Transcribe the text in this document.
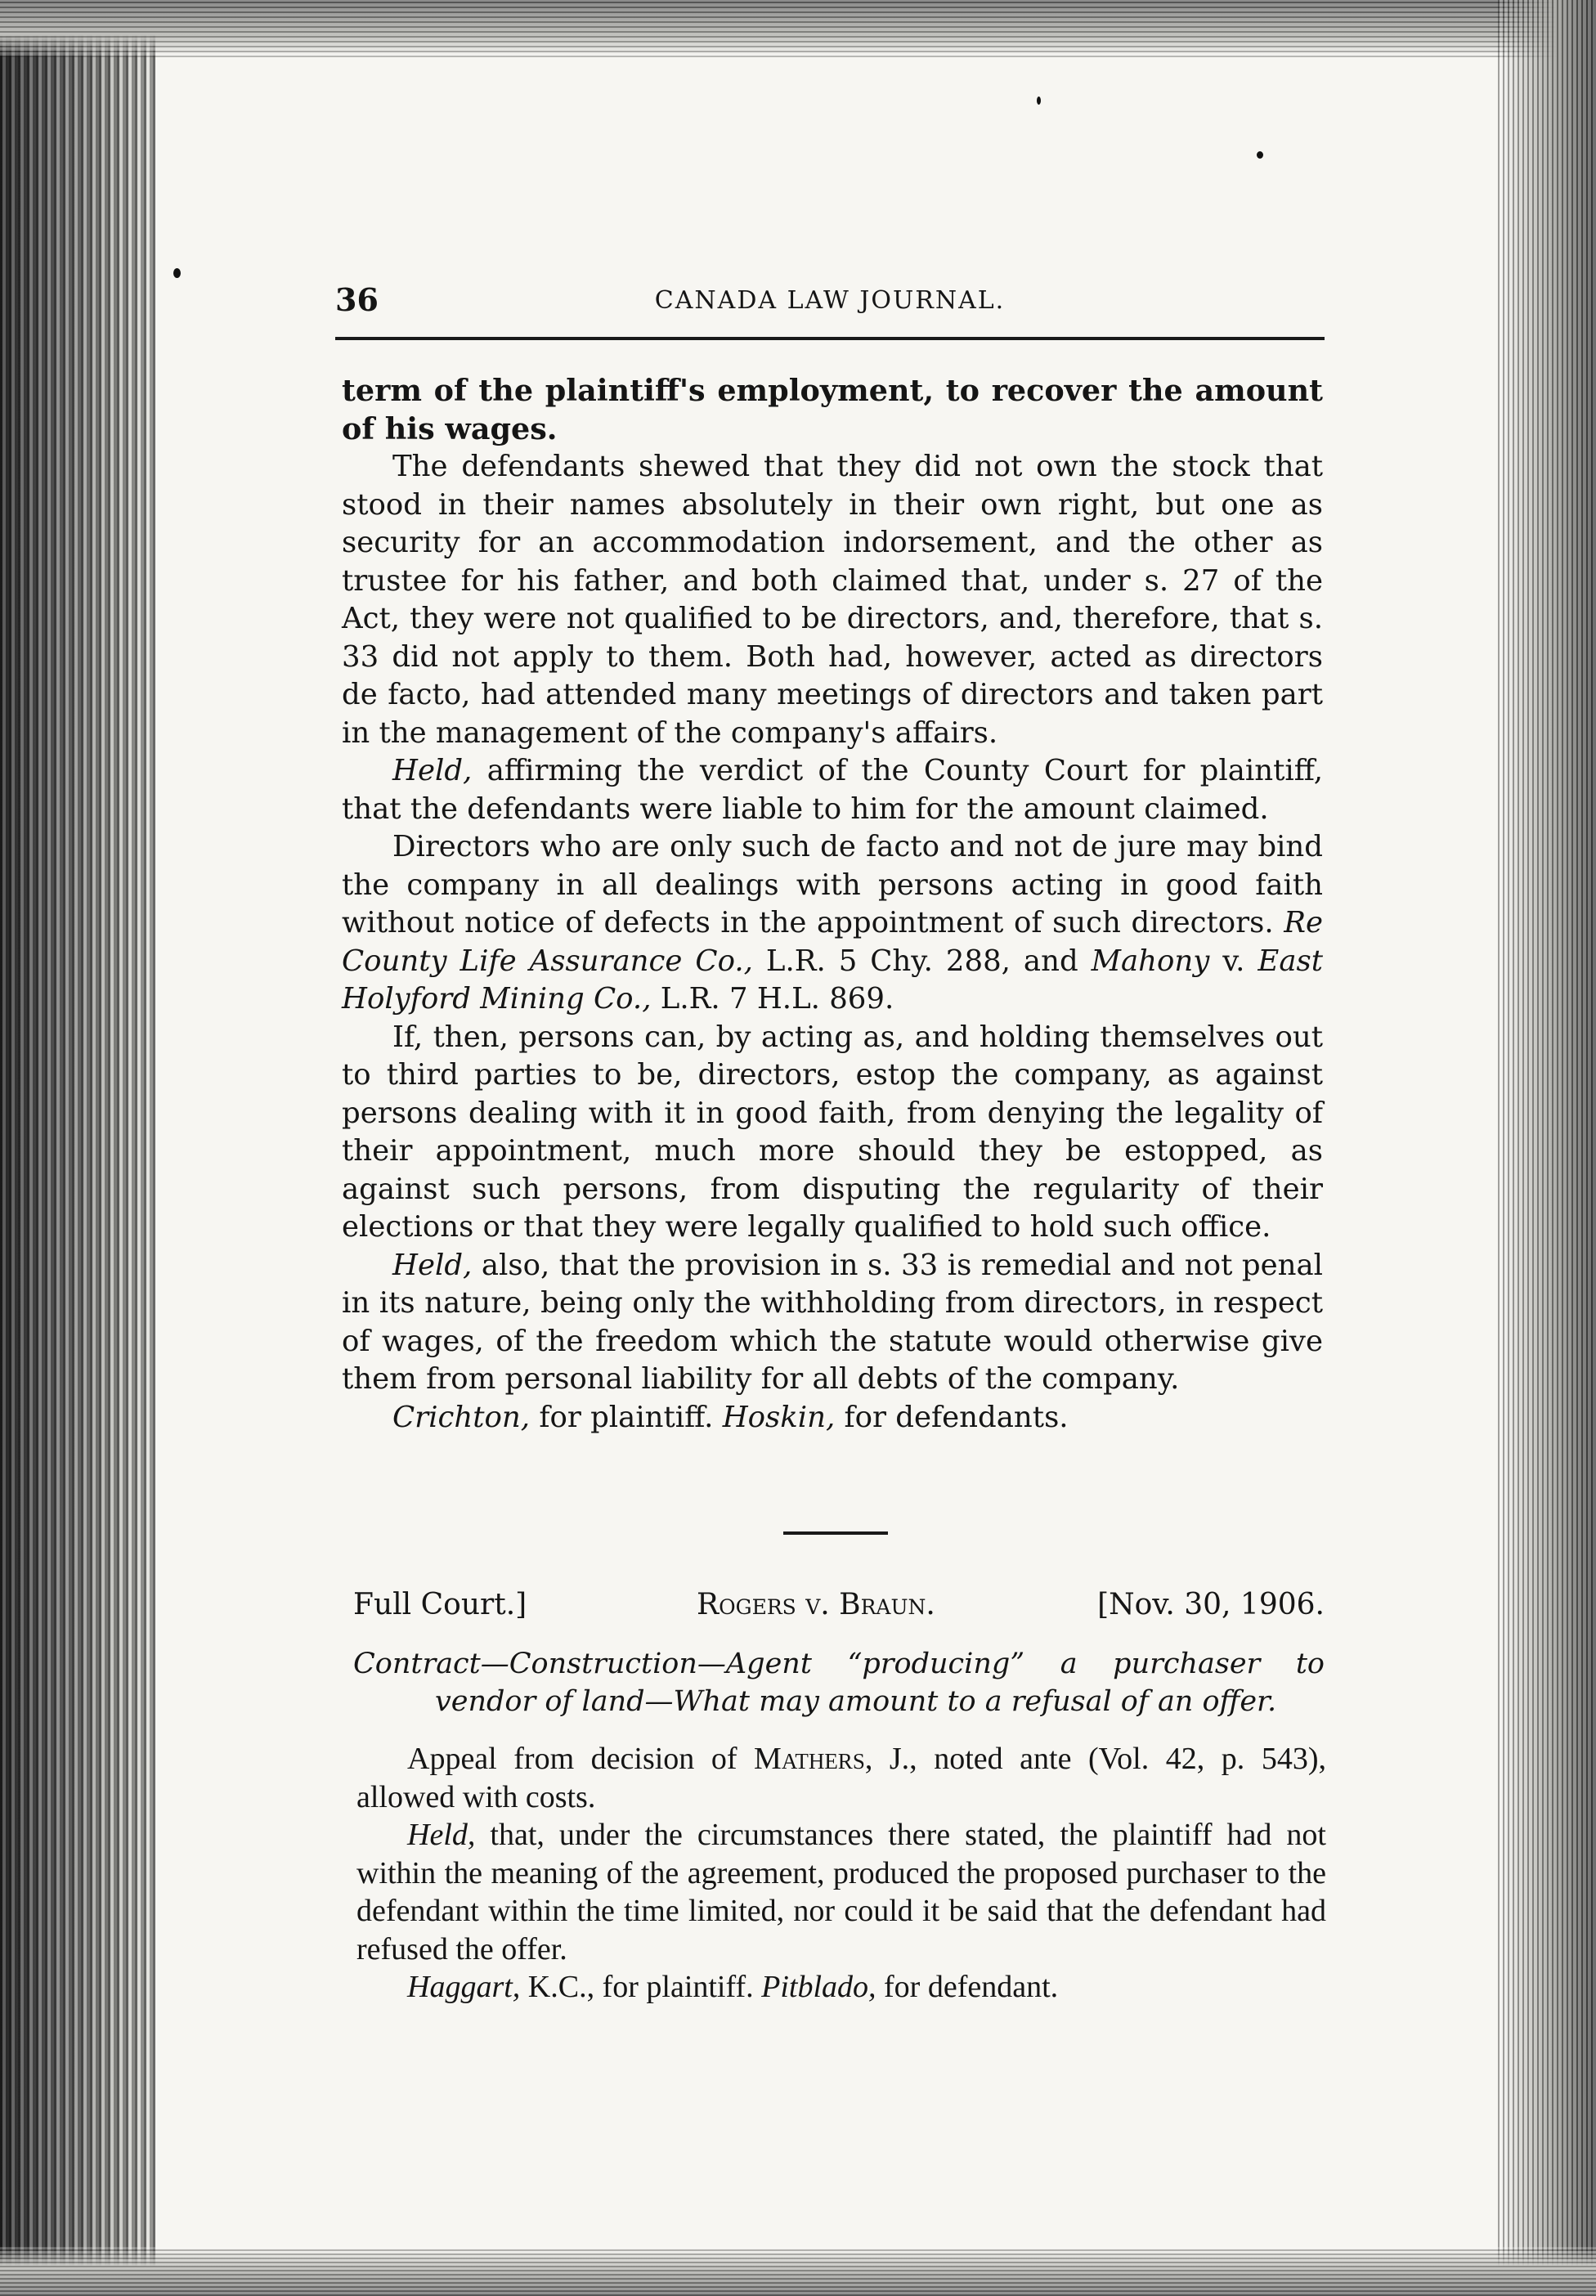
36	CANADA LAW JOURNAL.

term of the plaintiff's employment, to recover the amount of his wages.

The defendants shewed that they did not own the stock that stood in their names absolutely in their own right, but one as security for an accommodation indorsement, and the other as trustee for his father, and both claimed that, under s. 27 of the Act, they were not qualified to be directors, and, therefore, that s. 33 did not apply to them. Both had, however, acted as directors de facto, had attended many meetings of directors and taken part in the management of the company's affairs.

Held, affirming the verdict of the County Court for plaintiff, that the defendants were liable to him for the amount claimed.

Directors who are only such de facto and not de jure may bind the company in all dealings with persons acting in good faith without notice of defects in the appointment of such directors. Re County Life Assurance Co., L.R. 5 Chy. 288, and Mahony v. East Holyford Mining Co., L.R. 7 H.L. 869.

If, then, persons can, by acting as, and holding themselves out to third parties to be, directors, estop the company, as against persons dealing with it in good faith, from denying the legality of their appointment, much more should they be estopped, as against such persons, from disputing the regularity of their elections or that they were legally qualified to hold such office.

Held, also, that the provision in s. 33 is remedial and not penal in its nature, being only the withholding from directors, in respect of wages, of the freedom which the statute would otherwise give them from personal liability for all debts of the company.

Crichton, for plaintiff. Hoskin, for defendants.

Full Court.]	Rogers v. Braun.	[Nov. 30, 1906.
Contract—Construction—Agent “producing” a purchaser to
vendor of land—What may amount to a refusal of an offer.

Appeal from decision of Mathers, J., noted ante (Vol. 42, p. 543), allowed with costs.

Held, that, under the circumstances there stated, the plaintiff had not within the meaning of the agreement, produced the proposed purchaser to the defendant within the time limited, nor could it be said that the defendant had refused the offer.

Haggart, K.C., for plaintiff. Pitblado, for defendant.
